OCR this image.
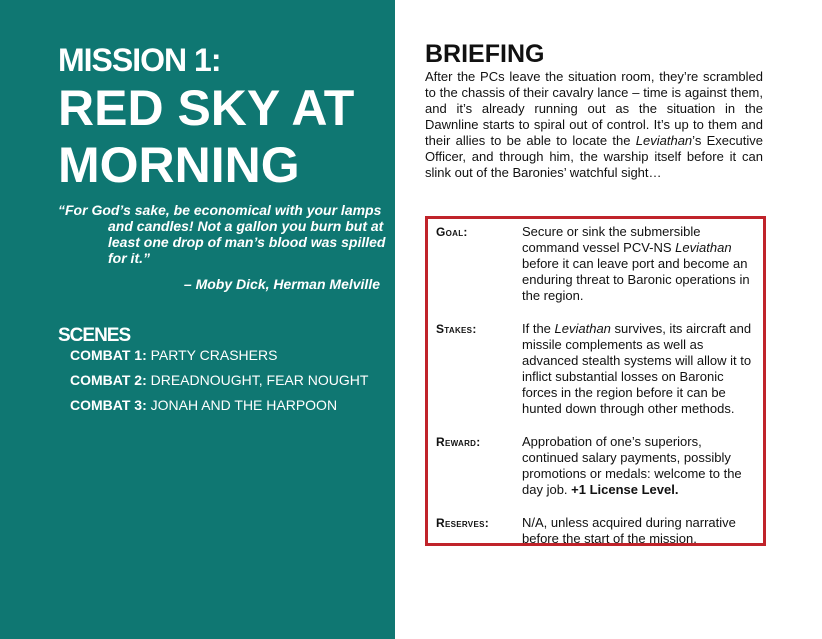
MISSION 1:
RED SKY AT MORNING
“For God’s sake, be economical with your lamps and candles! Not a gallon you burn but at least one drop of man’s blood was spilled for it.”
– Moby Dick, Herman Melville
SCENES
COMBAT 1: PARTY CRASHERS
COMBAT 2: DREADNOUGHT, FEAR NOUGHT
COMBAT 3: JONAH AND THE HARPOON
BRIEFING
After the PCs leave the situation room, they’re scrambled to the chassis of their cavalry lance – time is against them, and it’s already running out as the situation in the Dawnline starts to spiral out of control. It’s up to them and their allies to be able to locate the Leviathan’s Executive Officer, and through him, the warship itself before it can slink out of the Baronies’ watchful sight…
Goal:	Secure or sink the submersible command vessel PCV-NS Leviathan before it can leave port and become an enduring threat to Baronic operations in the region.
Stakes:	If the Leviathan survives, its aircraft and missile complements as well as advanced stealth systems will allow it to inflict substantial losses on Baronic forces in the region before it can be hunted down through other methods.
Reward:	Approbation of one’s superiors, continued salary payments, possibly promotions or medals: welcome to the day job. +1 License Level.
Reserves:	N/A, unless acquired during narrative before the start of the mission.
